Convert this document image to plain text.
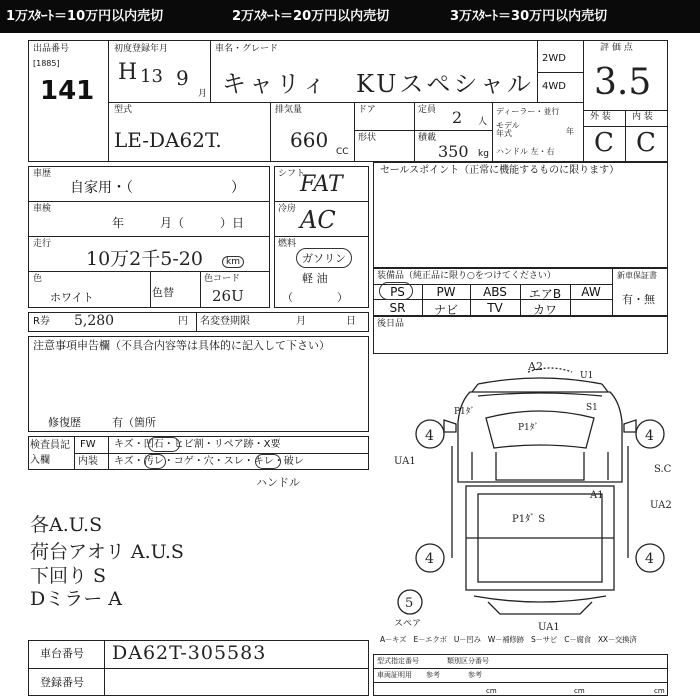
1万ｽﾀｰﾄ＝10万円以内売切	2万ｽﾀｰﾄ＝20万円以内売切	3万ｽﾀｰﾄ＝30万円以内売切
出品番号
[1885]
141
初度登録年月
H 13 9
月
車名・グレード
キャリィ　KUスペシャル
2WD
4WD
評 価 点
3.5
型式
LE-DA62T.
排気量
660 CC
ドア
形状
定員 2 人
積載
350 kg
ディーラー・並行
モデル年式	年
ハンドル 左・右
外 装 内 装
C C
車歴
自家用・（　　　　　　　）
車検
年　　　月（　　　）日
走行
10万2千5-20	km
色
ホワイト	色替
色コード
26U
シフト
FAT
冷房 AC
燃料
ガソリン
軽 油
（　　　　）
セールスポイント（正常に機能するものに限ります）
装備品（純正品に限り○をつけてください）	新車保証書
有・無
PS	PW	ABS	エアB	AW
SR	ナビ	TV	カワ
R券 5,280	円 名変登期限	月	日 後日品
注意事項申告欄（不具合内容等は具体的に記入して下さい）
修復歴	有（箇所
検査員記入欄
FW キズ・凹石・ヒビ割・リペア跡・X要
内装 キズ・汚レ・コゲ・穴・スレ・キレ・破レ
ハンドル
各A.U.S
荷台アオリ A.U.S
下回り S
Dミラー A
A2
U1
P1ﾀﾞ	S1
P1ﾀﾞ
4	4
UA1
S.C
A1
UA2
P1ﾀﾞ S
4	4
5
UA1
スペア
A－キズ　E－エクボ　U－凹み　W－補修跡　S－サビ　C－腐食　XX－交換済
車台番号 DA62T-305583
登録番号
型式指定番号　　　　類別区分番号
車両証明用　　参考　　　　参考
cm	cm	cm
